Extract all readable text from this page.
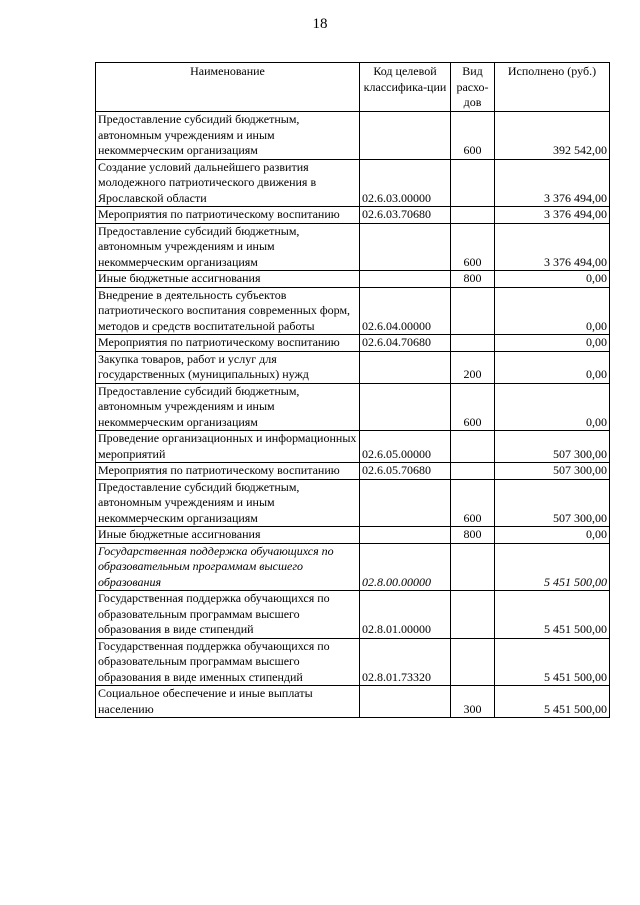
18
Наименование	Код целевой классифика-ции	Вид расхо-дов	Исполнено (руб.)
Предоставление субсидий бюджетным, автономным учреждениям и иным некоммерческим организациям		600	392 542,00
Создание условий дальнейшего развития молодежного патриотического движения в Ярославской области	02.6.03.00000		3 376 494,00
Мероприятия по патриотическому воспитанию	02.6.03.70680		3 376 494,00
Предоставление субсидий бюджетным, автономным учреждениям и иным некоммерческим организациям		600	3 376 494,00
Иные бюджетные ассигнования		800	0,00
Внедрение в деятельность субъектов патриотического воспитания современных форм, методов и средств воспитательной работы	02.6.04.00000		0,00
Мероприятия по патриотическому воспитанию	02.6.04.70680		0,00
Закупка товаров, работ и услуг для государственных (муниципальных) нужд		200	0,00
Предоставление субсидий бюджетным, автономным учреждениям и иным некоммерческим организациям		600	0,00
Проведение организационных и информационных мероприятий	02.6.05.00000		507 300,00
Мероприятия по патриотическому воспитанию	02.6.05.70680		507 300,00
Предоставление субсидий бюджетным, автономным учреждениям и иным некоммерческим организациям		600	507 300,00
Иные бюджетные ассигнования		800	0,00
Государственная поддержка обучающихся по образовательным программам высшего образования	02.8.00.00000		5 451 500,00
Государственная поддержка обучающихся по образовательным программам высшего образования в виде стипендий	02.8.01.00000		5 451 500,00
Государственная поддержка обучающихся по образовательным программам высшего образования в виде именных стипендий	02.8.01.73320		5 451 500,00
Социальное обеспечение и иные выплаты населению		300	5 451 500,00
